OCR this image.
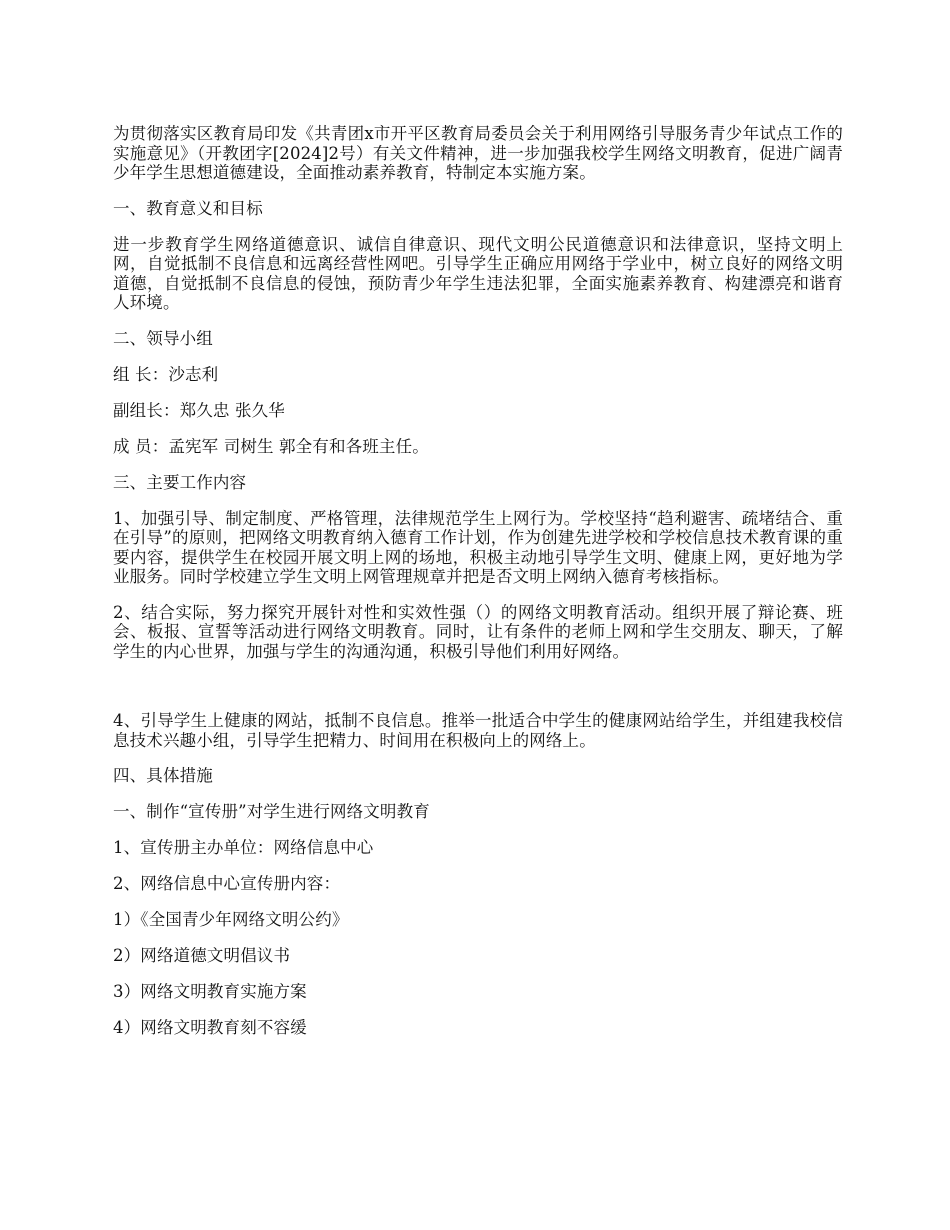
为贯彻落实区教育局印发《共青团x市开平区教育局委员会关于利用网络引导服务青少年试点工作的实施意见》（开教团字[2024]2号）有关文件精神，进一步加强我校学生网络文明教育，促进广阔青少年学生思想道德建设，全面推动素养教育，特制定本实施方案。

一、教育意义和目标

进一步教育学生网络道德意识、诚信自律意识、现代文明公民道德意识和法律意识，坚持文明上网，自觉抵制不良信息和远离经营性网吧。引导学生正确应用网络于学业中，树立良好的网络文明道德，自觉抵制不良信息的侵蚀，预防青少年学生违法犯罪，全面实施素养教育、构建漂亮和谐育人环境。

二、领导小组

组 长：沙志利

副组长：郑久忠 张久华

成 员：孟宪军 司树生 郭全有和各班主任。

三、主要工作内容

1、加强引导、制定制度、严格管理，法律规范学生上网行为。学校坚持“趋利避害、疏堵结合、重在引导”的原则，把网络文明教育纳入德育工作计划，作为创建先进学校和学校信息技术教育课的重要内容，提供学生在校园开展文明上网的场地，积极主动地引导学生文明、健康上网，更好地为学业服务。同时学校建立学生文明上网管理规章并把是否文明上网纳入德育考核指标。

2、结合实际，努力探究开展针对性和实效性强（）的网络文明教育活动。组织开展了辩论赛、班会、板报、宣誓等活动进行网络文明教育。同时，让有条件的老师上网和学生交朋友、聊天，了解学生的内心世界，加强与学生的沟通沟通，积极引导他们利用好网络。

4、引导学生上健康的网站，抵制不良信息。推举一批适合中学生的健康网站给学生，并组建我校信息技术兴趣小组，引导学生把精力、时间用在积极向上的网络上。

四、具体措施

一、制作“宣传册”对学生进行网络文明教育

1、宣传册主办单位：网络信息中心

2、网络信息中心宣传册内容：

1）《全国青少年网络文明公约》

2）网络道德文明倡议书

3）网络文明教育实施方案

4）网络文明教育刻不容缓
